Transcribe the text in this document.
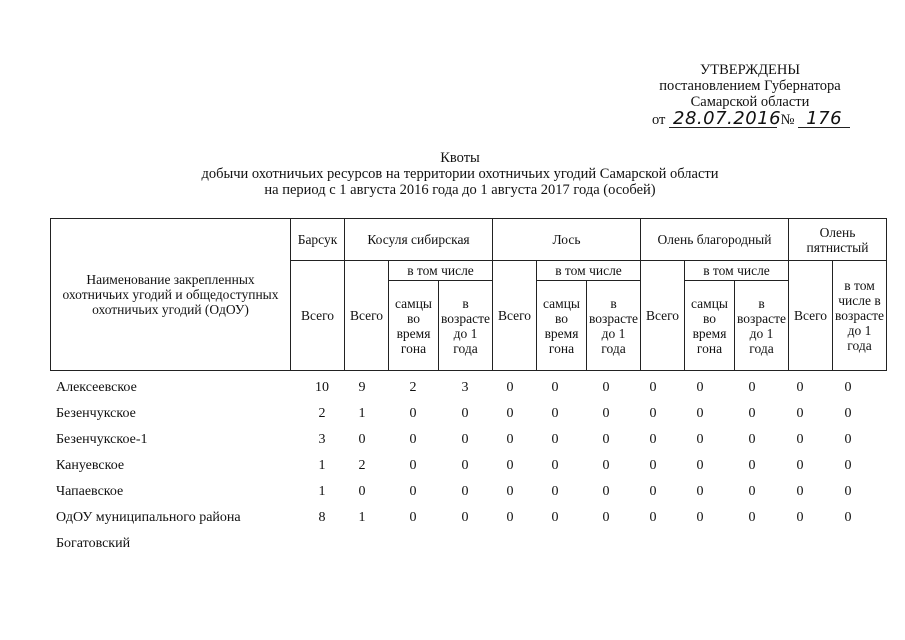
УТВЕРЖДЕНЫ
постановлением Губернатора
Самарской области
от 28.07.2016 № 176
Квоты
добычи охотничьих ресурсов на территории охотничьих угодий Самарской области
на период с 1 августа 2016 года до 1 августа 2017 года (особей)
Наименование закрепленных охотничьих угодий и общедоступных охотничьих угодий (ОдОУ)	Барсук	Косуля сибирская			Лось			Олень благородный			Олень пятнистый	
	Всего	Всего	в том числе		Всего	в том числе		Всего	в том числе		Всего	в том числе в возрасте до 1 года
			самцы во время гона	в возрасте до 1 года		самцы во время гона	в возрасте до 1 года		самцы во время гона	в возрасте до 1 года		
Алексеевское	10	9	2	3	0	0	0	0	0	0	0	0
Безенчукское	2	1	0	0	0	0	0	0	0	0	0	0
Безенчукское-1	3	0	0	0	0	0	0	0	0	0	0	0
Кануевское	1	2	0	0	0	0	0	0	0	0	0	0
Чапаевское	1	0	0	0	0	0	0	0	0	0	0	0
ОдОУ муниципального района	8	1	0	0	0	0	0	0	0	0	0	0
Богатовский
